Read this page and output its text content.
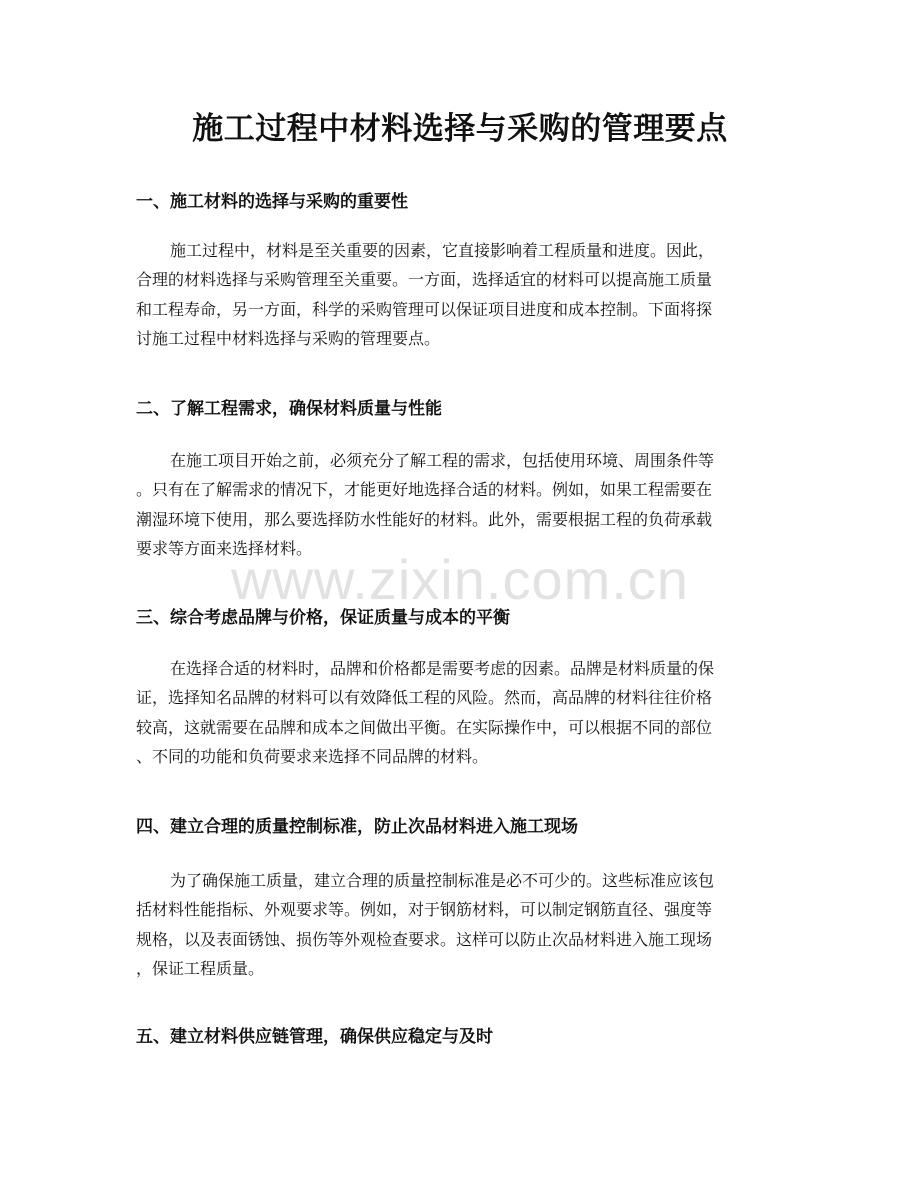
施工过程中材料选择与采购的管理要点
一、施工材料的选择与采购的重要性
施工过程中，材料是至关重要的因素，它直接影响着工程质量和进度。因此，
合理的材料选择与采购管理至关重要。一方面，选择适宜的材料可以提高施工质量
和工程寿命，另一方面，科学的采购管理可以保证项目进度和成本控制。下面将探
讨施工过程中材料选择与采购的管理要点。
二、了解工程需求，确保材料质量与性能
在施工项目开始之前，必须充分了解工程的需求，包括使用环境、周围条件等
。只有在了解需求的情况下，才能更好地选择合适的材料。例如，如果工程需要在
潮湿环境下使用，那么要选择防水性能好的材料。此外，需要根据工程的负荷承载
要求等方面来选择材料。
三、综合考虑品牌与价格，保证质量与成本的平衡
在选择合适的材料时，品牌和价格都是需要考虑的因素。品牌是材料质量的保
证，选择知名品牌的材料可以有效降低工程的风险。然而，高品牌的材料往往价格
较高，这就需要在品牌和成本之间做出平衡。在实际操作中，可以根据不同的部位
、不同的功能和负荷要求来选择不同品牌的材料。
四、建立合理的质量控制标准，防止次品材料进入施工现场
为了确保施工质量，建立合理的质量控制标准是必不可少的。这些标准应该包
括材料性能指标、外观要求等。例如，对于钢筋材料，可以制定钢筋直径、强度等
规格，以及表面锈蚀、损伤等外观检查要求。这样可以防止次品材料进入施工现场
，保证工程质量。
五、建立材料供应链管理，确保供应稳定与及时
www.zixin.com.cn
